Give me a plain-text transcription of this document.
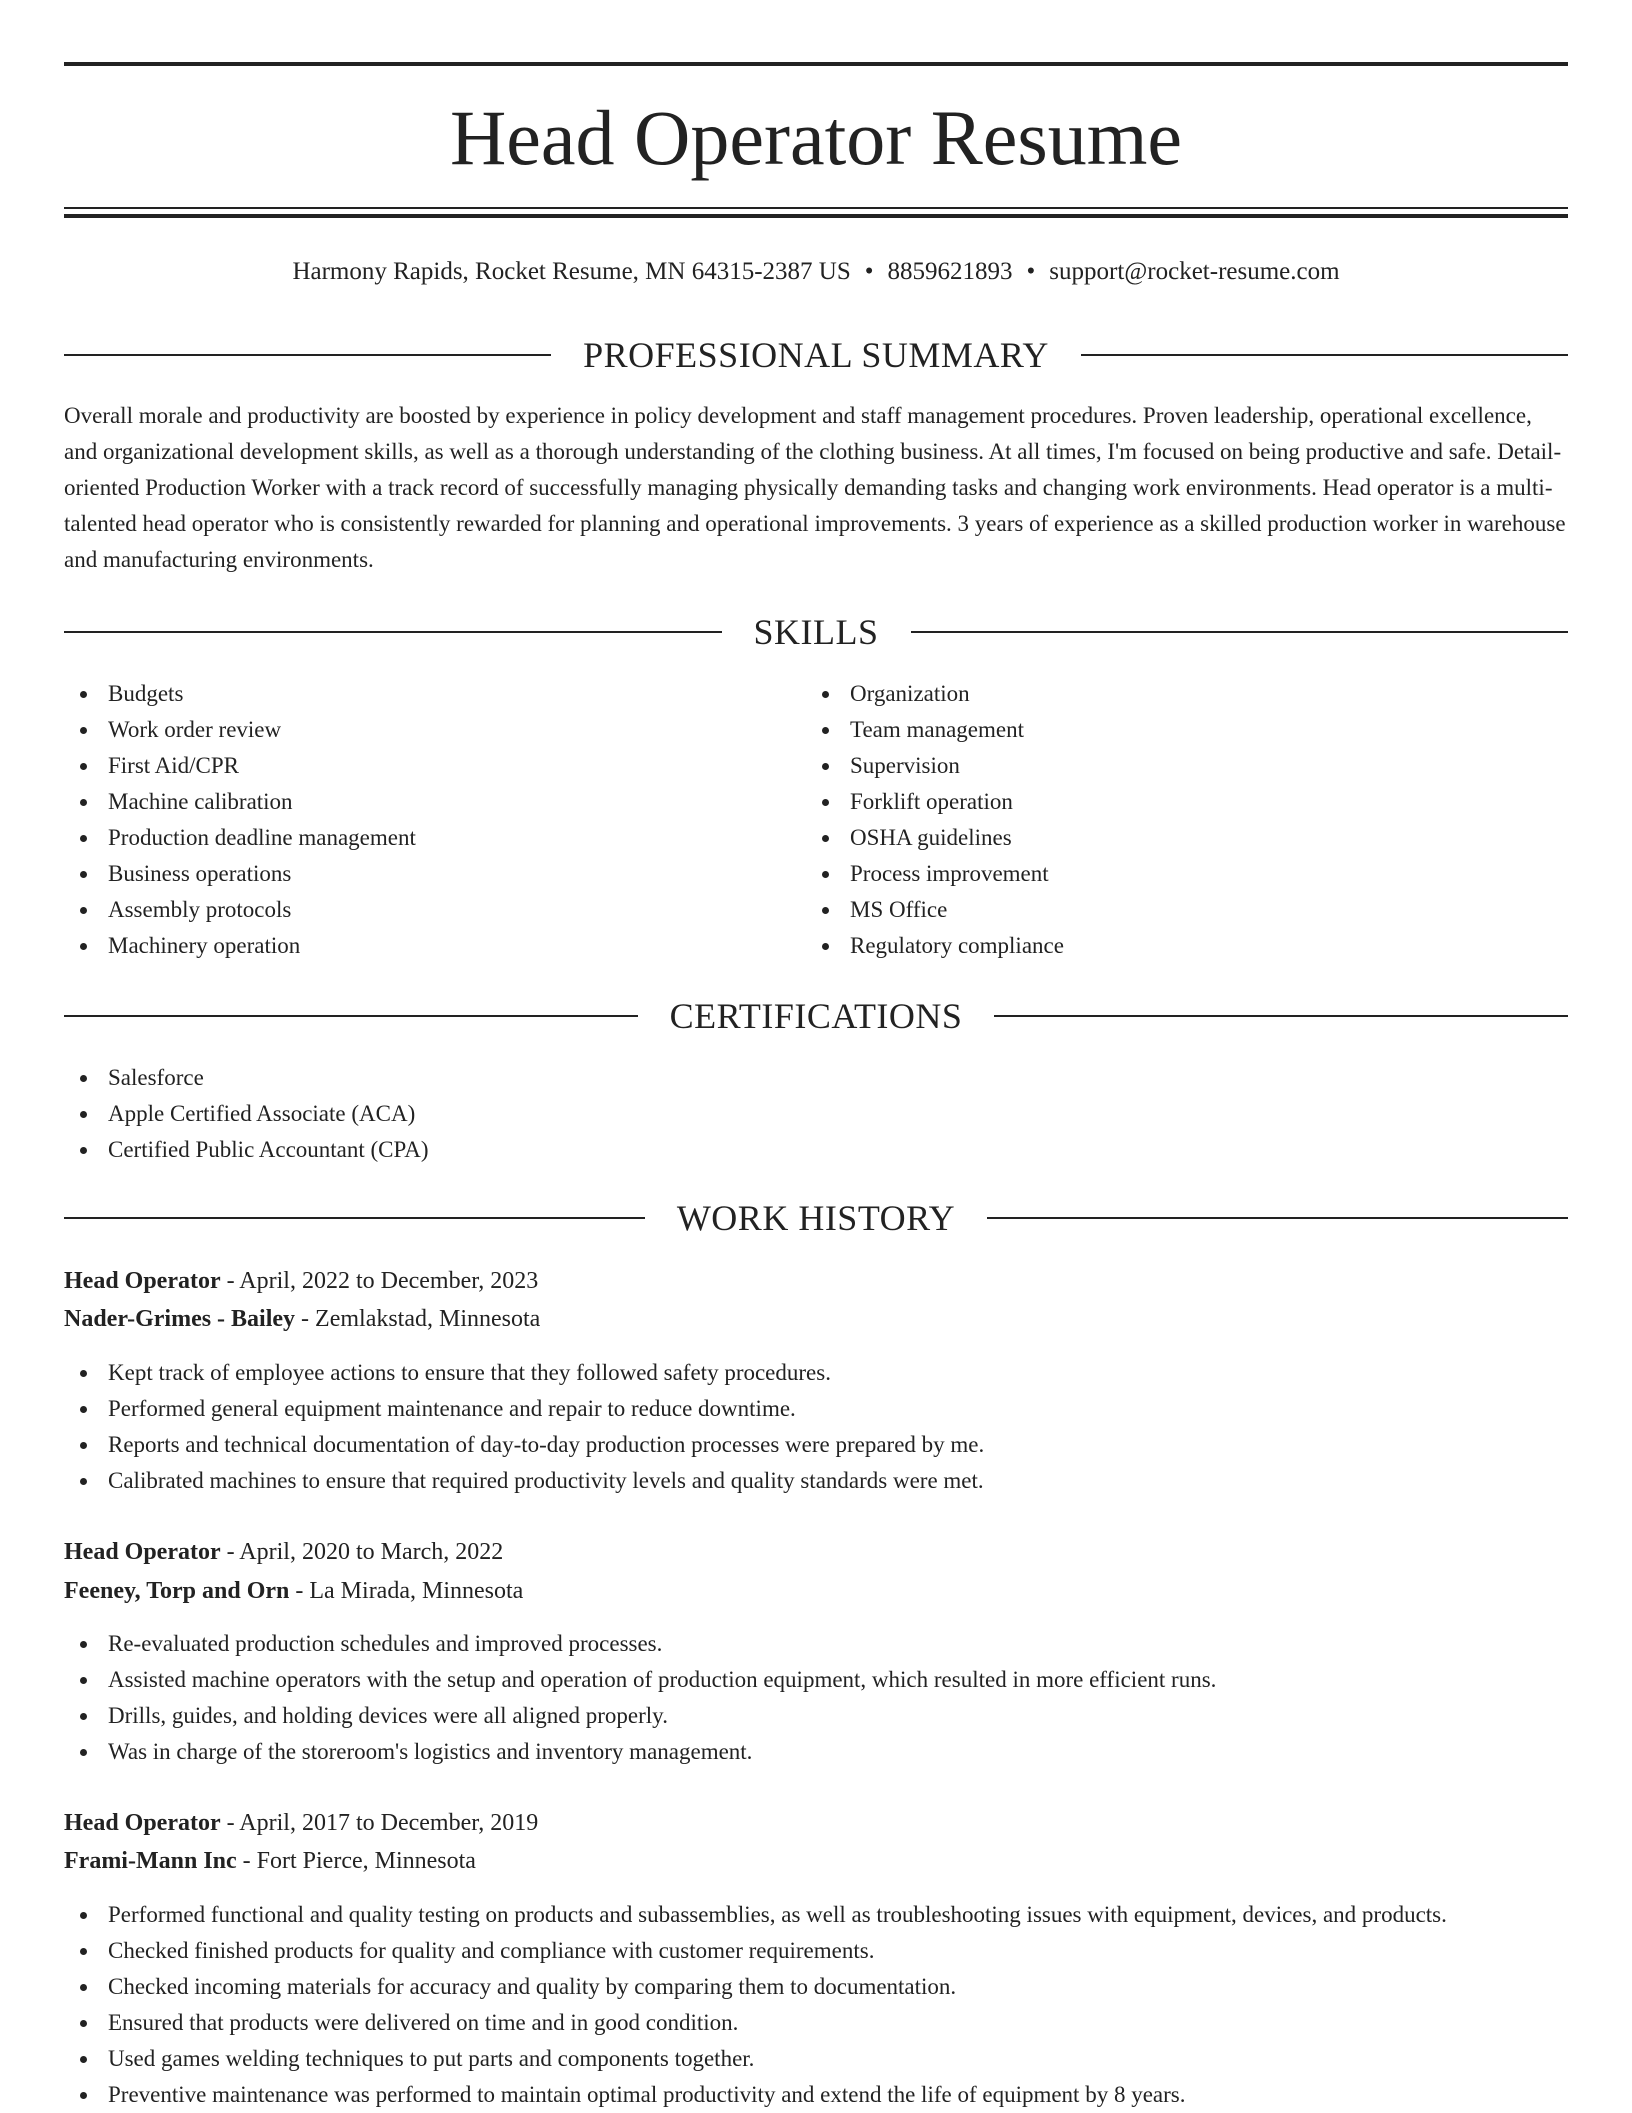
Head Operator Resume
Harmony Rapids, Rocket Resume, MN 64315-2387 US • 8859621893 • support@rocket-resume.com
PROFESSIONAL SUMMARY

Overall morale and productivity are boosted by experience in policy development and staff management procedures. Proven leadership, operational excellence, and organizational development skills, as well as a thorough understanding of the clothing business. At all times, I'm focused on being productive and safe. Detail-oriented Production Worker with a track record of successfully managing physically demanding tasks and changing work environments. Head operator is a multi-talented head operator who is consistently rewarded for planning and operational improvements. 3 years of experience as a skilled production worker in warehouse and manufacturing environments.

SKILLS
Budgets
Work order review
First Aid/CPR
Machine calibration
Production deadline management
Business operations
Assembly protocols
Machinery operation
Organization
Team management
Supervision
Forklift operation
OSHA guidelines
Process improvement
MS Office
Regulatory compliance
CERTIFICATIONS
Salesforce
Apple Certified Associate (ACA)
Certified Public Accountant (CPA)
WORK HISTORY
Head Operator - April, 2022 to December, 2023
Nader-Grimes - Bailey - Zemlakstad, Minnesota
Kept track of employee actions to ensure that they followed safety procedures.
Performed general equipment maintenance and repair to reduce downtime.
Reports and technical documentation of day-to-day production processes were prepared by me.
Calibrated machines to ensure that required productivity levels and quality standards were met.
Head Operator - April, 2020 to March, 2022
Feeney, Torp and Orn - La Mirada, Minnesota
Re-evaluated production schedules and improved processes.
Assisted machine operators with the setup and operation of production equipment, which resulted in more efficient runs.
Drills, guides, and holding devices were all aligned properly.
Was in charge of the storeroom's logistics and inventory management.
Head Operator - April, 2017 to December, 2019
Frami-Mann Inc - Fort Pierce, Minnesota
Performed functional and quality testing on products and subassemblies, as well as troubleshooting issues with equipment, devices, and products.
Checked finished products for quality and compliance with customer requirements.
Checked incoming materials for accuracy and quality by comparing them to documentation.
Ensured that products were delivered on time and in good condition.
Used games welding techniques to put parts and components together.
Preventive maintenance was performed to maintain optimal productivity and extend the life of equipment by 8 years.
